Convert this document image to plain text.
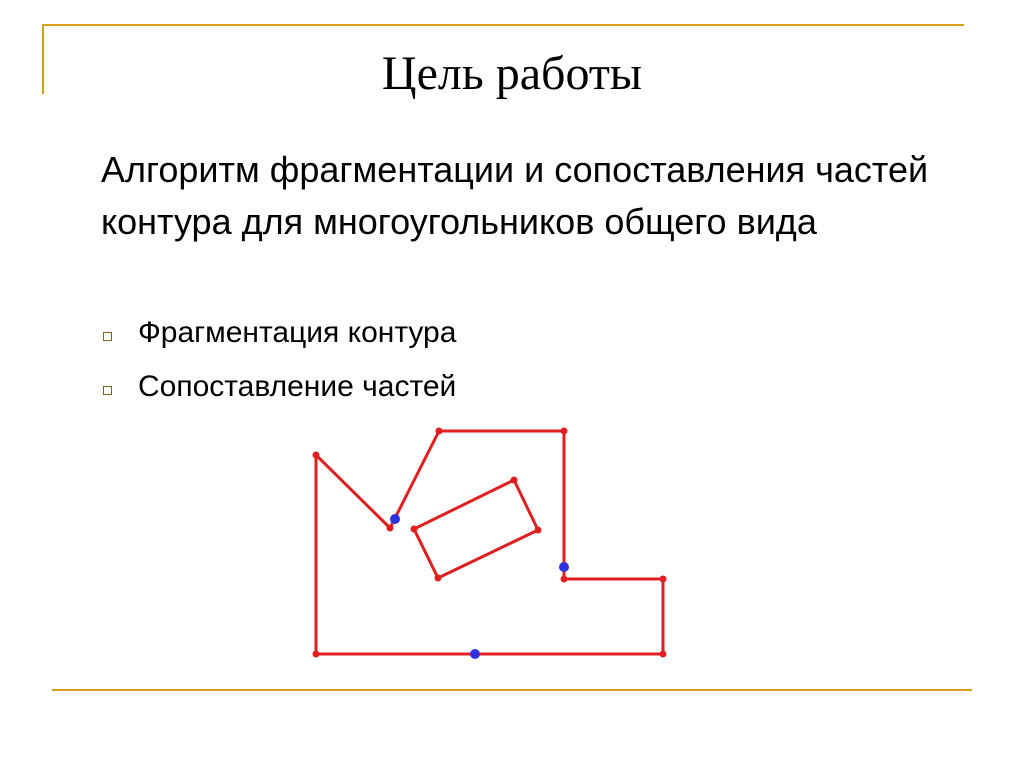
Цель работы
Алгоритм фрагментации и сопоставления частей контура для многоугольников общего вида
Фрагментация контура
Сопоставление частей
